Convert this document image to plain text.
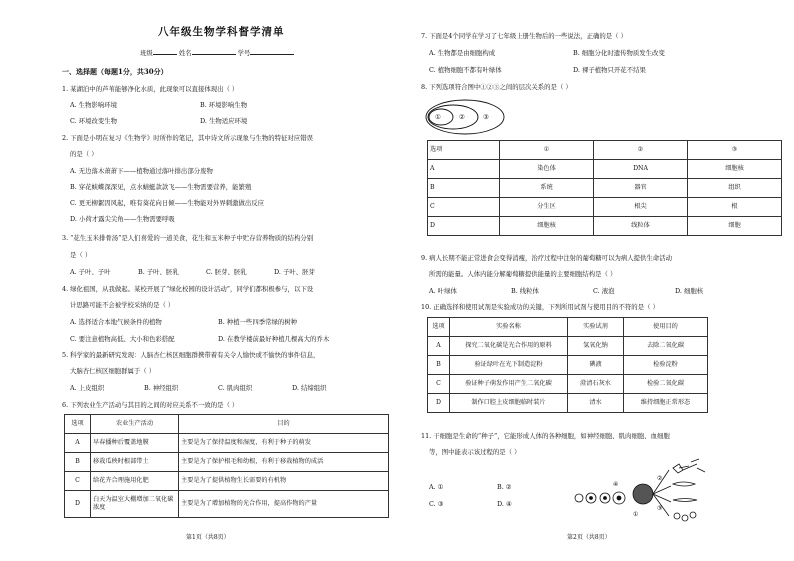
八年级生物学科督学清单
班级	姓名	学号
一、选择题（每题1分，共30分）
1. 某湖泊中的芦苇能够净化水质，此现象可以直接体现出（ ）
A. 生物影响环境	B. 环境影响生物
C. 环境改变生物	D. 生物适应环境
2. 下面是小明在复习《生物学》时所作的笔记，其中诗文所示现象与生物的特征对应错误
的是（ ）
A. 无边落木萧萧下——植物通过落叶排出部分废物
B. 穿花蛱蝶深深见，点水蜻蜓款款飞——生物需要营养，能繁殖
C. 更无柳絮因风起，唯有葵花向日倾——生物能对外界刺激做出反应
D. 小荷才露尖尖角——生物需要呼吸
3. “花生玉米排骨汤”是人们喜爱的一道美食，花生和玉米种子中贮存营养物质的结构分别
是（ ）
A. 子叶、子叶	B. 子叶、胚乳	C. 胚芽、胚乳	D. 子叶、胚芽
4. 绿化祖国，从我做起。某校开展了“绿化校园的设计活动”，同学们都积极参与，以下设
计思路可能不会被学校采纳的是（ ）
A. 选择适合本地气候条件的植物	B. 种植一些四季常绿的树种
C. 要注意植物高低、大小和色彩搭配	D. 在教学楼前最好种植几棵高大的乔木
5. 科学家的最新研究发现：人脑杏仁核区细胞群携带着有关令人愉快或不愉快的事件信息，
大脑杏仁核区细胞群属于（ ）
A. 上皮组织	B. 神经组织	C. 肌肉组织	D. 结缔组织
6. 下列农业生产活动与其目的之间的对应关系不一致的是（ ）
选项	农业生产活动	目的
A	早春播种后覆盖地膜	主要是为了保持温度和湿度，有利于种子的萌发
B	移栽瓜秧时根部带土	主要是为了保护根毛和幼根，有利于移栽植物的成活
C	给花卉合理施用化肥	主要是为了提供植物生长需要的有机物
D	白天为温室大棚增加二氧化碳浓度	主要是为了增加植物的光合作用，提高作物的产量
第1页（共8页）
7. 下面是4个同学在学习了七年级上册生物后的一些说法，正确的是（ ）
A. 生物都是由细胞构成	B. 细胞分化时遗传物质发生改变
C. 植物细胞不都有叶绿体	D. 裸子植物只开花不结果
8. 下列选项符合图中①②③之间的层次关系的是（ ）
①	②	③
选项	①	②	③
A	染色体	DNA	细胞核
B	系统	器官	组织
C	分生区	根尖	根
D	细胞核	线粒体	细胞
9. 病人长期不能正常进食会变得消瘦，治疗过程中注射的葡萄糖可以为病人提供生命活动
所需的能量。人体内能分解葡萄糖提供能量的主要细胞结构是（ ）
A. 叶绿体	B. 线粒体	C. 液泡	D. 细胞核
10. 正确选择和使用试剂是实验成功的关键，下列所用试剂与使用目的不符的是（ ）
选项	实验名称	实验试剂	使用目的
A	探究二氧化碳是光合作用的原料	氢氧化钠	去除二氧化碳
B	验证绿叶在光下制造淀粉	碘液	检验淀粉
C	验证种子萌发作用产生二氧化碳	澄清石灰水	检验二氧化碳
D	制作口腔上皮细胞临时装片	清水	维持细胞正常形态
11. 干细胞是生命的“种子”，它能形成人体的各种细胞，如神经细胞、肌肉细胞、血细胞
等，图中能表示该过程的是（ ）
A. ①	B. ②
C. ③	D. ④
①
②
③
④
第2页（共8页）
